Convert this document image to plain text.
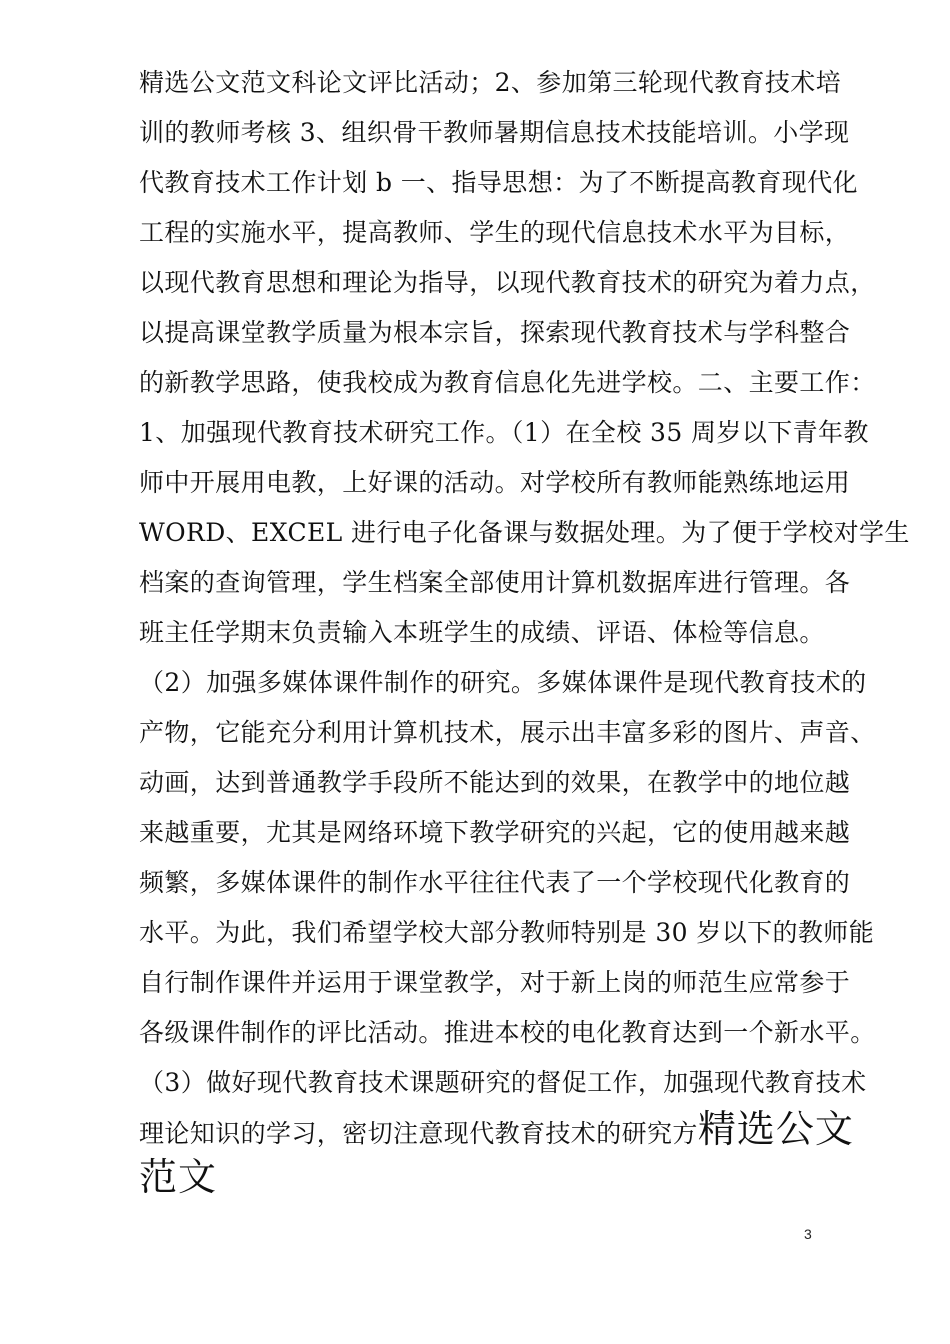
精选公文范文科论文评比活动；2、参加第三轮现代教育技术培
训的教师考核 3、组织骨干教师暑期信息技术技能培训。小学现
代教育技术工作计划 b 一、指导思想：为了不断提高教育现代化
工程的实施水平，提高教师、学生的现代信息技术水平为目标，
以现代教育思想和理论为指导，以现代教育技术的研究为着力点，
以提高课堂教学质量为根本宗旨，探索现代教育技术与学科整合
的新教学思路，使我校成为教育信息化先进学校。二、主要工作：
1、加强现代教育技术研究工作。（1）在全校 35 周岁以下青年教
师中开展用电教，上好课的活动。对学校所有教师能熟练地运用
WORD、EXCEL 进行电子化备课与数据处理。为了便于学校对学生
档案的查询管理，学生档案全部使用计算机数据库进行管理。各
班主任学期末负责输入本班学生的成绩、评语、体检等信息。
（2）加强多媒体课件制作的研究。多媒体课件是现代教育技术的
产物，它能充分利用计算机技术，展示出丰富多彩的图片、声音、
动画，达到普通教学手段所不能达到的效果，在教学中的地位越
来越重要，尤其是网络环境下教学研究的兴起，它的使用越来越
频繁，多媒体课件的制作水平往往代表了一个学校现代化教育的
水平。为此，我们希望学校大部分教师特别是 30 岁以下的教师能
自行制作课件并运用于课堂教学，对于新上岗的师范生应常参于
各级课件制作的评比活动。推进本校的电化教育达到一个新水平。
（3）做好现代教育技术课题研究的督促工作，加强现代教育技术
理论知识的学习，密切注意现代教育技术的研究方精选公文
范文
3
